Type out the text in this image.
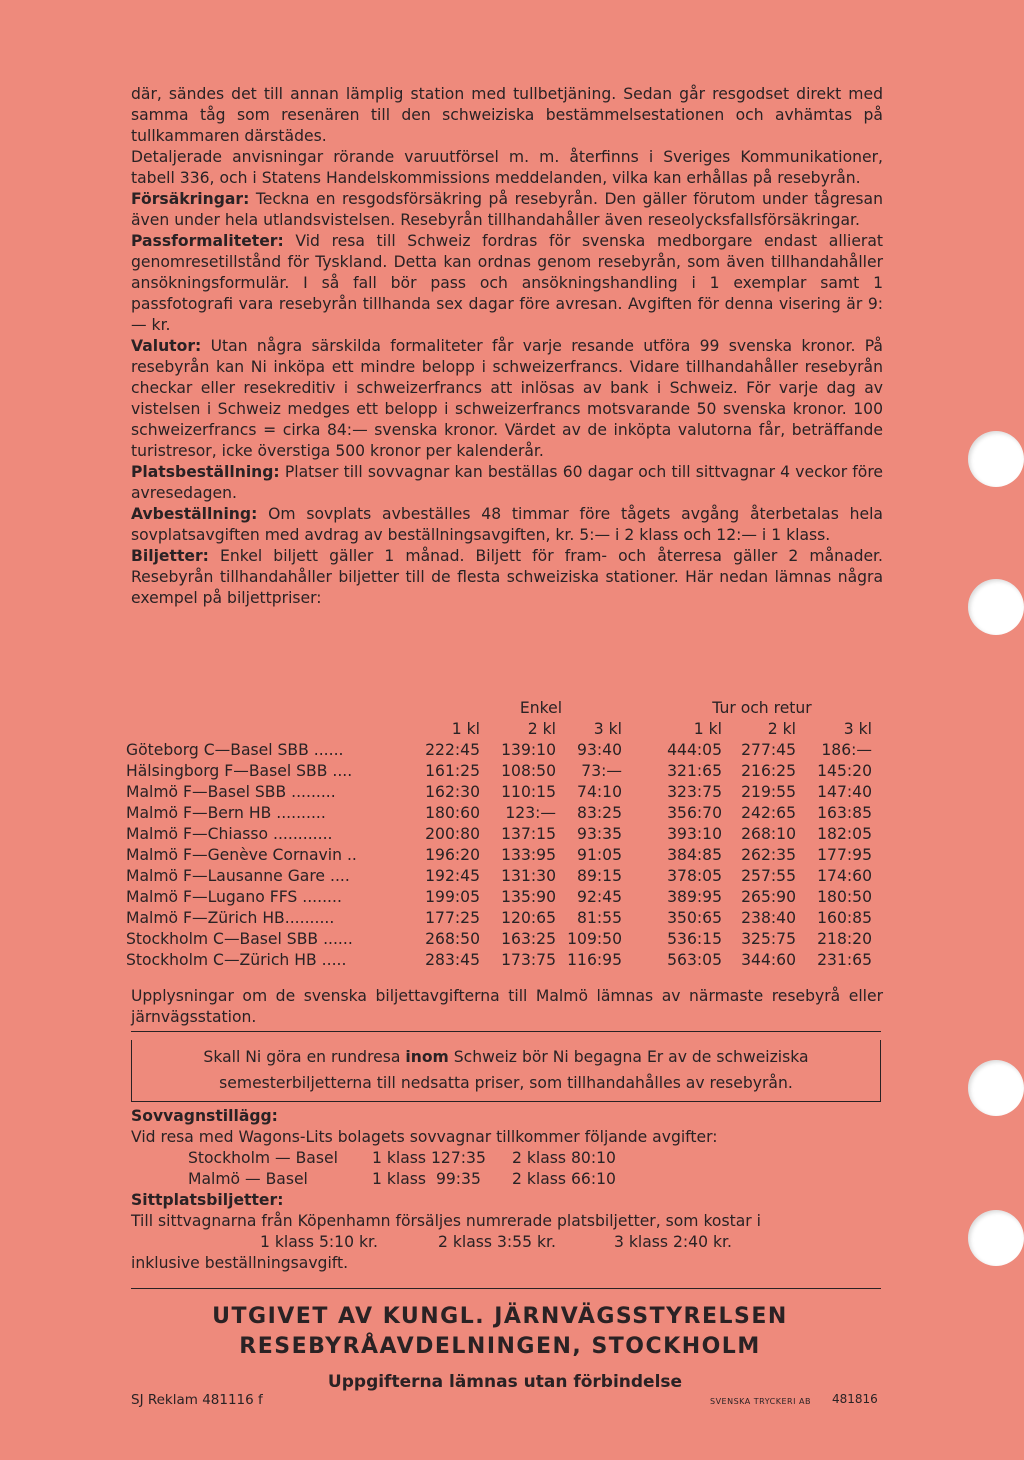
där, sändes det till annan lämplig station med tullbetjäning. Sedan går resgodset direkt med samma tåg som resenären till den schweiziska bestämmelsestationen och avhämtas på tullkammaren därstädes.

Detaljerade anvisningar rörande varuutförsel m. m. återfinns i Sveriges Kommunikationer, tabell 336, och i Statens Handelskommissions meddelanden, vilka kan erhållas på resebyrån.

Försäkringar: Teckna en resgodsförsäkring på resebyrån. Den gäller förutom under tågresan även under hela utlandsvistelsen. Resebyrån tillhandahåller även reseolycksfallsförsäkringar.

Passformaliteter: Vid resa till Schweiz fordras för svenska medborgare endast allierat genomresetillstånd för Tyskland. Detta kan ordnas genom resebyrån, som även tillhandahåller ansökningsformulär. I så fall bör pass och ansökningshandling i 1 exemplar samt 1 passfotografi vara resebyrån tillhanda sex dagar före avresan. Avgiften för denna visering är 9:— kr.

Valutor: Utan några särskilda formaliteter får varje resande utföra 99 svenska kronor. På resebyrån kan Ni inköpa ett mindre belopp i schweizerfrancs. Vidare tillhandahåller resebyrån checkar eller resekreditiv i schweizerfrancs att inlösas av bank i Schweiz. För varje dag av vistelsen i Schweiz medges ett belopp i schweizerfrancs motsvarande 50 svenska kronor. 100 schweizerfrancs = cirka 84:— svenska kronor. Värdet av de inköpta valutorna får, beträffande turistresor, icke överstiga 500 kronor per kalenderår.

Platsbeställning: Platser till sovvagnar kan beställas 60 dagar och till sittvagnar 4 veckor före avresedagen.

Avbeställning: Om sovplats avbeställes 48 timmar före tågets avgång återbetalas hela sovplatsavgiften med avdrag av beställningsavgiften, kr. 5:— i 2 klass och 12:— i 1 klass.

Biljetter: Enkel biljett gäller 1 månad. Biljett för fram- och återresa gäller 2 månader. Resebyrån tillhandahåller biljetter till de flesta schweiziska stationer. Här nedan lämnas några exempel på biljettpriser:

	Enkel			Tur och retur		
	1 kl	2 kl	3 kl	1 kl	2 kl	3 kl
Göteborg C—Basel SBB ......	222:45	139:10	93:40	444:05	277:45	186:—
Hälsingborg F—Basel SBB ....	161:25	108:50	73:—	321:65	216:25	145:20
Malmö F—Basel SBB .........	162:30	110:15	74:10	323:75	219:55	147:40
Malmö F—Bern HB ..........	180:60	123:—	83:25	356:70	242:65	163:85
Malmö F—Chiasso ............	200:80	137:15	93:35	393:10	268:10	182:05
Malmö F—Genève Cornavin ..	196:20	133:95	91:05	384:85	262:35	177:95
Malmö F—Lausanne Gare ....	192:45	131:30	89:15	378:05	257:55	174:60
Malmö F—Lugano FFS ........	199:05	135:90	92:45	389:95	265:90	180:50
Malmö F—Zürich HB..........	177:25	120:65	81:55	350:65	238:40	160:85
Stockholm C—Basel SBB ......	268:50	163:25	109:50	536:15	325:75	218:20
Stockholm C—Zürich HB .....	283:45	173:75	116:95	563:05	344:60	231:65

Upplysningar om de svenska biljettavgifterna till Malmö lämnas av närmaste resebyrå eller järnvägsstation.

Skall Ni göra en rundresa inom Schweiz bör Ni begagna Er av de schweiziska
semesterbiljetterna till nedsatta priser, som tillhandahålles av resebyrån.

Sovvagnstillägg:

Vid resa med Wagons-Lits bolagets sovvagnar tillkommer följande avgifter:

Stockholm — Basel	1 klass 127:35	2 klass 80:10
Malmö — Basel	1 klass  99:35	2 klass 66:10

Sittplatsbiljetter:

Till sittvagnarna från Köpenhamn försäljes numrerade platsbiljetter, som kostar i

1 klass 5:10 kr.	2 klass 3:55 kr.	3 klass 2:40 kr.

inklusive beställningsavgift.

UTGIVET AV KUNGL. JÄRNVÄGSSTYRELSEN
RESEBYRÅAVDELNINGEN, STOCKHOLM
Uppgifterna lämnas utan förbindelse
SJ Reklam 481116 f	SVENSKA TRYCKERI AB 481816
